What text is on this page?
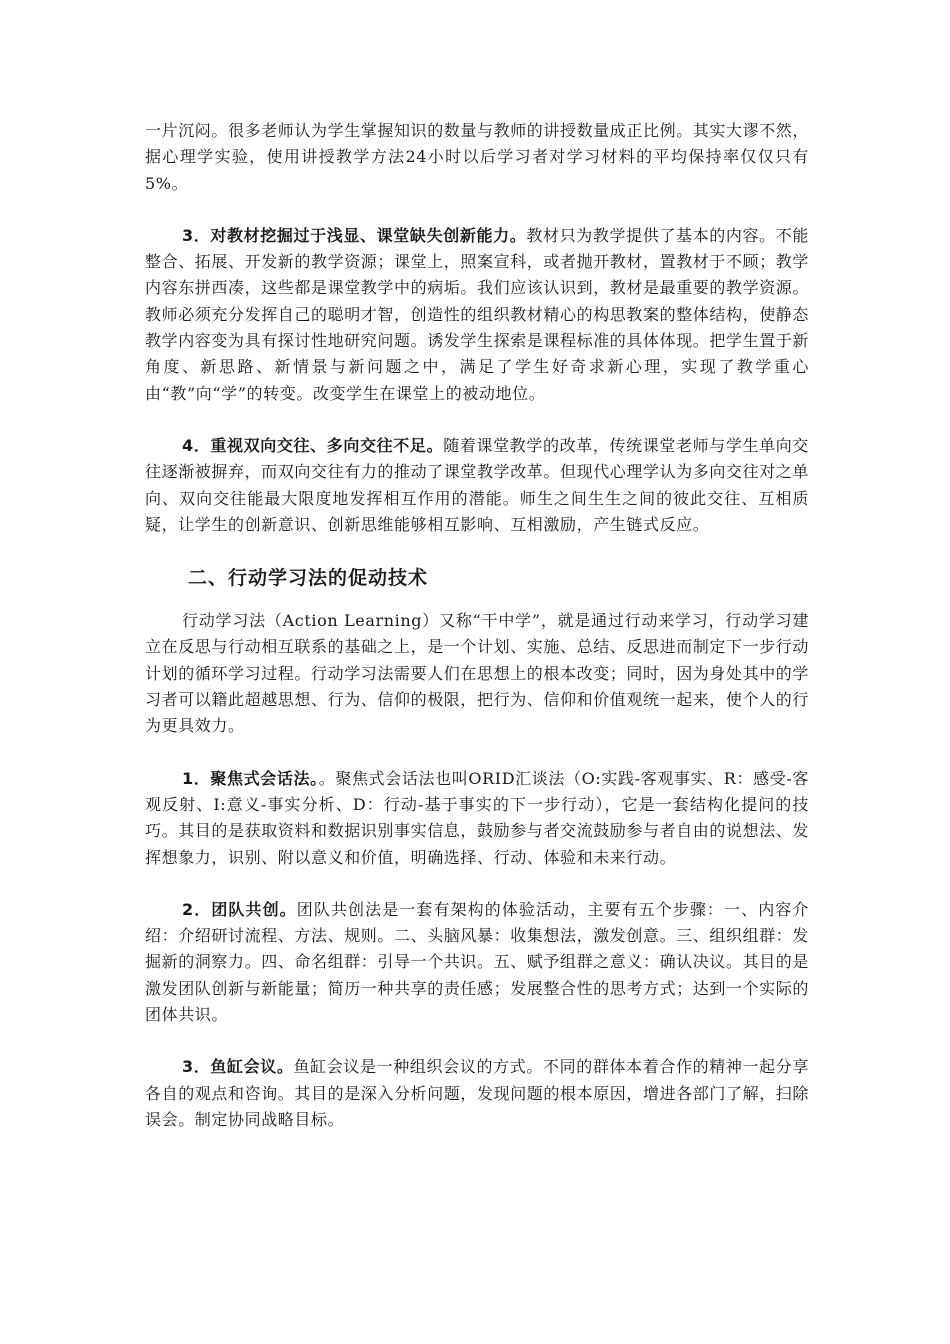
一片沉闷。很多老师认为学生掌握知识的数量与教师的讲授数量成正比例。其实大谬不然，据心理学实验，使用讲授教学方法24小时以后学习者对学习材料的平均保持率仅仅只有5%。

3．对教材挖掘过于浅显、课堂缺失创新能力。教材只为教学提供了基本的内容。不能整合、拓展、开发新的教学资源；课堂上，照案宣科，或者抛开教材，置教材于不顾；教学内容东拼西凑，这些都是课堂教学中的病垢。我们应该认识到，教材是最重要的教学资源。教师必须充分发挥自己的聪明才智，创造性的组织教材精心的构思教案的整体结构，使静态教学内容变为具有探讨性地研究问题。诱发学生探索是课程标准的具体体现。把学生置于新角度、新思路、新情景与新问题之中，满足了学生好奇求新心理，实现了教学重心由“教”向“学”的转变。改变学生在课堂上的被动地位。

4．重视双向交往、多向交往不足。随着课堂教学的改革，传统课堂老师与学生单向交往逐渐被摒弃，而双向交往有力的推动了课堂教学改革。但现代心理学认为多向交往对之单向、双向交往能最大限度地发挥相互作用的潜能。师生之间生生之间的彼此交往、互相质疑，让学生的创新意识、创新思维能够相互影响、互相激励，产生链式反应。

二、行动学习法的促动技术

行动学习法（Action Learning）又称“干中学”，就是通过行动来学习，行动学习建立在反思与行动相互联系的基础之上，是一个计划、实施、总结、反思进而制定下一步行动计划的循环学习过程。行动学习法需要人们在思想上的根本改变；同时，因为身处其中的学习者可以籍此超越思想、行为、信仰的极限，把行为、信仰和价值观统一起来，使个人的行为更具效力。

1．聚焦式会话法。。聚焦式会话法也叫ORID汇谈法（O:实践-客观事实、R：感受-客观反射、I:意义-事实分析、D：行动-基于事实的下一步行动），它是一套结构化提问的技巧。其目的是获取资料和数据识别事实信息，鼓励参与者交流鼓励参与者自由的说想法、发挥想象力，识别、附以意义和价值，明确选择、行动、体验和未来行动。

2．团队共创。团队共创法是一套有架构的体验活动，主要有五个步骤：一、内容介绍：介绍研讨流程、方法、规则。二、头脑风暴：收集想法，激发创意。三、组织组群：发掘新的洞察力。四、命名组群：引导一个共识。五、赋予组群之意义：确认决议。其目的是激发团队创新与新能量；简历一种共享的责任感；发展整合性的思考方式；达到一个实际的团体共识。

3．鱼缸会议。鱼缸会议是一种组织会议的方式。不同的群体本着合作的精神一起分享各自的观点和咨询。其目的是深入分析问题，发现问题的根本原因，增进各部门了解，扫除误会。制定协同战略目标。
